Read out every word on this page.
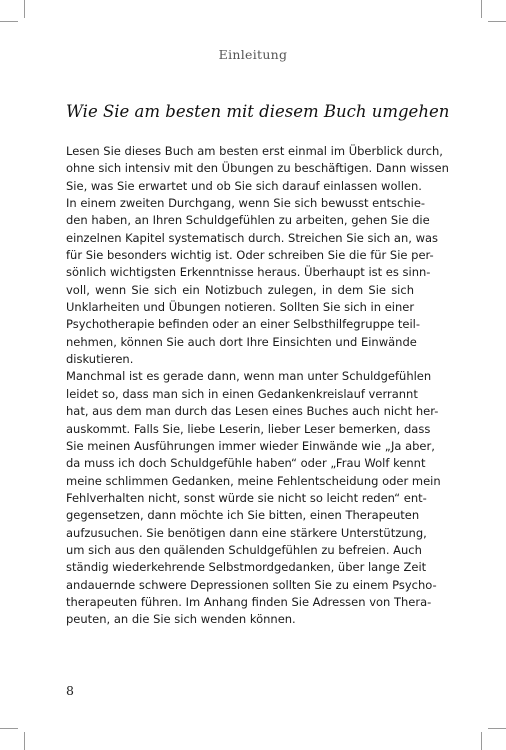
Einleitung
Wie Sie am besten mit diesem Buch umgehen
Lesen Sie dieses Buch am besten erst einmal im Überblick durch,
ohne sich intensiv mit den Übungen zu beschäftigen. Dann wissen
Sie, was Sie erwartet und ob Sie sich darauf einlassen wollen.
In einem zweiten Durchgang, wenn Sie sich bewusst entschie-
den haben, an Ihren Schuldgefühlen zu arbeiten, gehen Sie die
einzelnen Kapitel systematisch durch. Streichen Sie sich an, was
für Sie besonders wichtig ist. Oder schreiben Sie die für Sie per-
sönlich wichtigsten Erkenntnisse heraus. Überhaupt ist es sinn-
voll, wenn Sie sich ein Notizbuch zulegen, in dem Sie sich
Unklarheiten und Übungen notieren. Sollten Sie sich in einer
Psychotherapie befinden oder an einer Selbsthilfegruppe teil-
nehmen, können Sie auch dort Ihre Einsichten und Einwände
diskutieren.
Manchmal ist es gerade dann, wenn man unter Schuldgefühlen
leidet so, dass man sich in einen Gedankenkreislauf verrannt
hat, aus dem man durch das Lesen eines Buches auch nicht her-
auskommt. Falls Sie, liebe Leserin, lieber Leser bemerken, dass
Sie meinen Ausführungen immer wieder Einwände wie „Ja aber,
da muss ich doch Schuldgefühle haben“ oder „Frau Wolf kennt
meine schlimmen Gedanken, meine Fehlentscheidung oder mein
Fehlverhalten nicht, sonst würde sie nicht so leicht reden“ ent-
gegensetzen, dann möchte ich Sie bitten, einen Therapeuten
aufzusuchen. Sie benötigen dann eine stärkere Unterstützung,
um sich aus den quälenden Schuldgefühlen zu befreien. Auch
ständig wiederkehrende Selbstmordgedanken, über lange Zeit
andauernde schwere Depressionen sollten Sie zu einem Psycho-
therapeuten führen. Im Anhang finden Sie Adressen von Thera-
peuten, an die Sie sich wenden können.
8
